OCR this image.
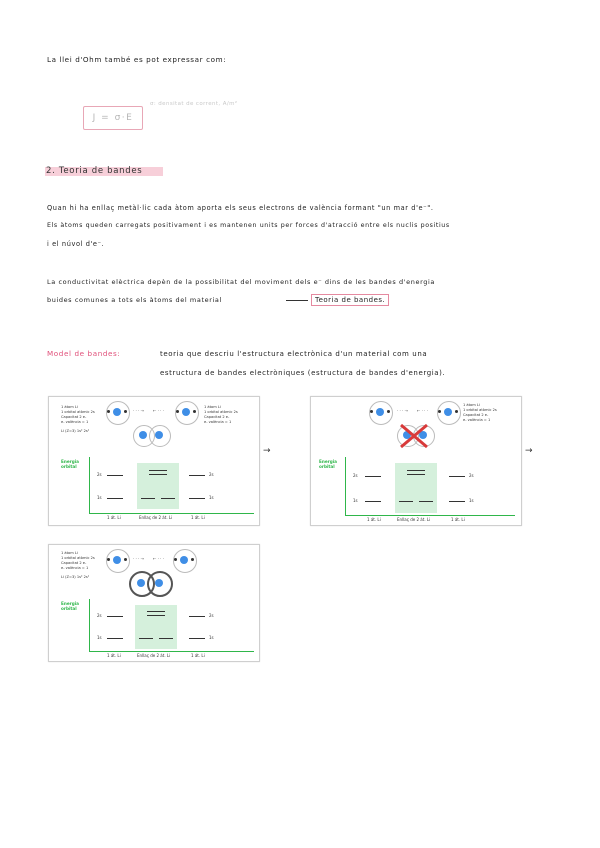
La llei d'Ohm també es pot expressar com:
J = σ·E
σ: densitat de corrent, A/m²
2. Teoria de bandes
Quan hi ha enllaç metàl·lic cada àtom aporta els seus electrons de valència formant "un mar d'e⁻".
Els àtoms queden carregats positivament i es mantenen units per forces d'atracció entre els nuclis positius
i el núvol d'e⁻.
La conductivitat elèctrica depèn de la possibilitat del moviment dels e⁻ dins de les bandes d'energia
buides comunes a tots els àtoms del material	Teoria de bandes.
Model de bandes:	teoria que descriu l'estructura electrònica d'un material com una
estructura de bandes electròniques (estructura de bandes d'energia).
1 àtom Li
1 orbital atòmic 2s
Capacitat 2 e-
e- valència = 1
Li (Z=3) 1s² 2s¹
1 àtom Li
1 orbital atòmic 2s
Capacitat 2 e-
e- valència = 1
· · · → ← · · ·
Energia
orbital
2s	2s
1s	1s
1 át. Li	Enllaç de 2 át. Li	1 át. Li
→
1 àtom Li
1 orbital atòmic 2s
Capacitat 2 e-
e- valència = 1
· · · → ← · · ·
Energia
orbital
2s	2s
1s	1s
1 át. Li	Enllaç de 2 át. Li	1 át. Li
→
1 àtom Li
1 orbital atòmic 2s
Capacitat 2 e-
e- valència = 1
Li (Z=3) 1s² 2s¹
· · · → ← · · ·
Energia
orbital
2s	2s
1s	1s
1 át. Li	Enllaç de 2 át. Li	1 át. Li
